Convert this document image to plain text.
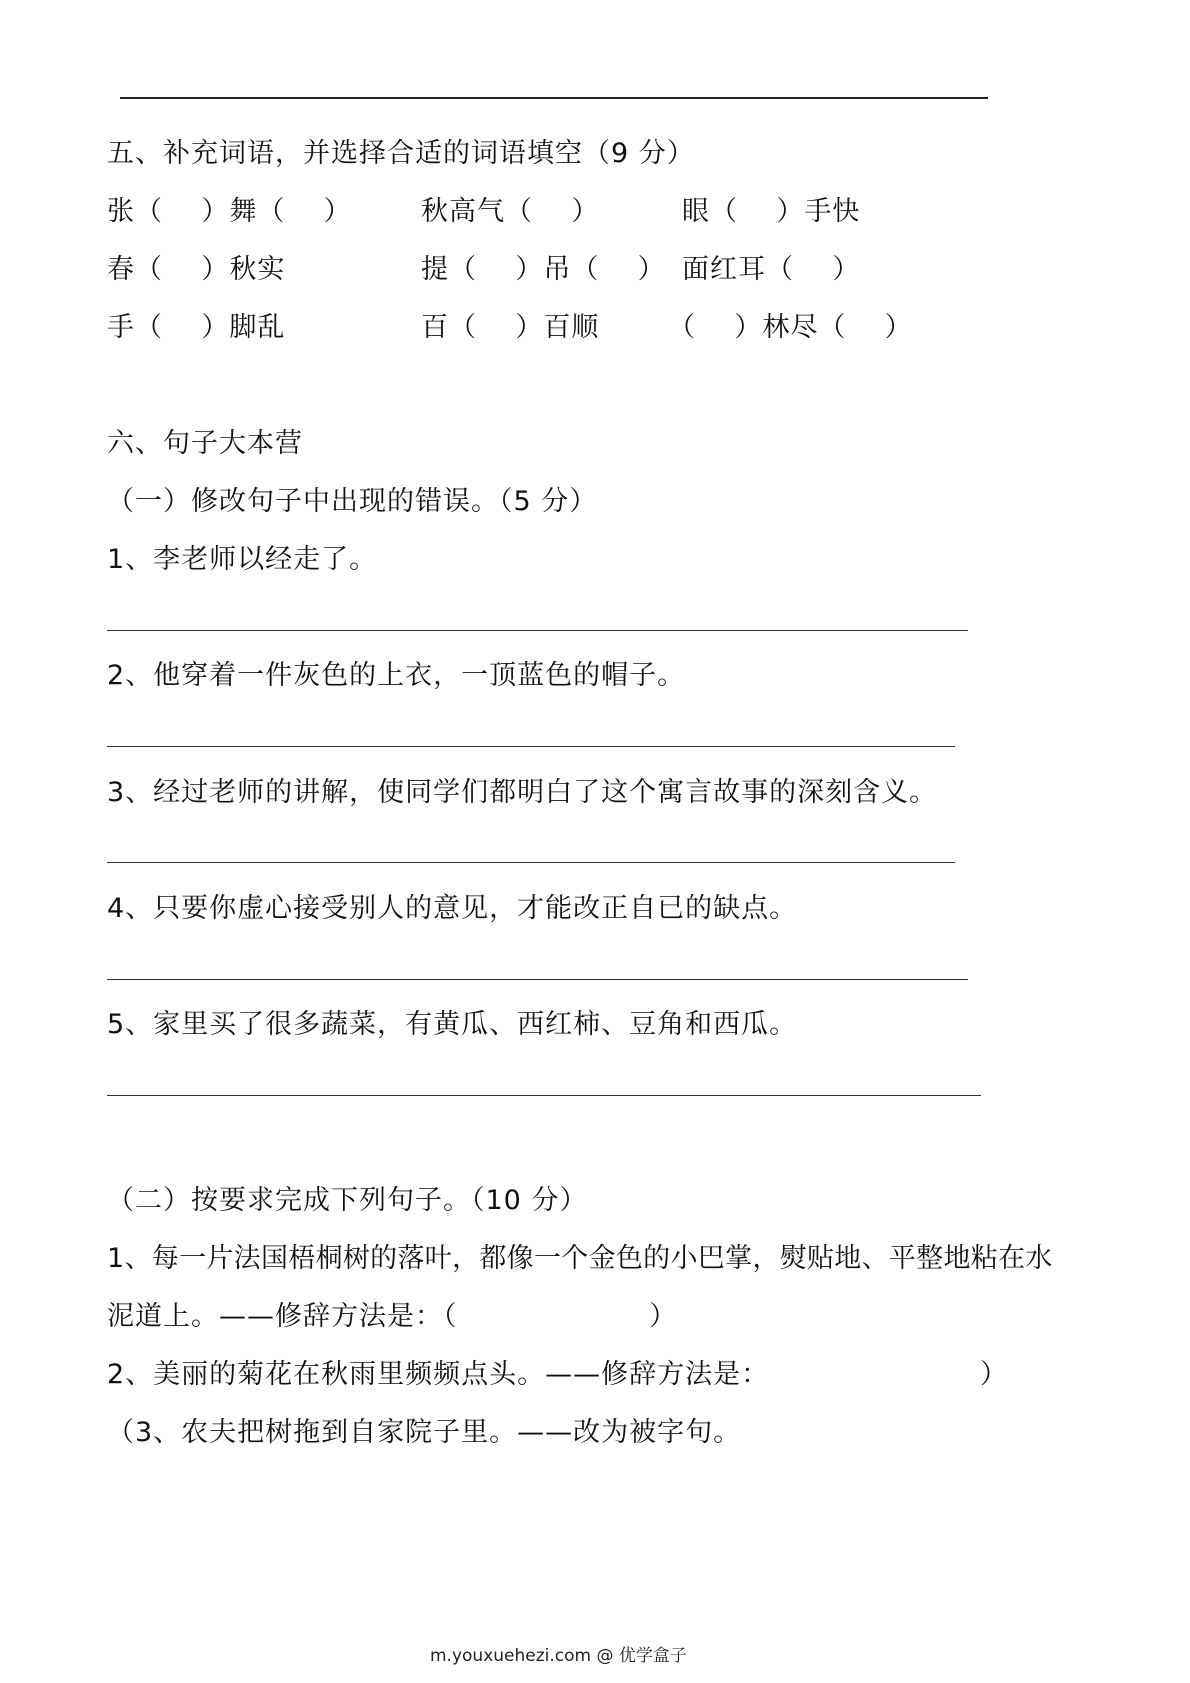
五、补充词语，并选择合适的词语填空（9 分）
张（    ）舞（    ）	秋高气（    ）	眼（    ）手快
春（    ）秋实	提（    ）吊（    ） 面红耳（    ）
手（    ）脚乱	百（    ）百顺	（    ）林尽（    ）
六、句子大本营
（一）修改句子中出现的错误。（5 分）
1、李老师以经走了。
2、他穿着一件灰色的上衣，一顶蓝色的帽子。
3、经过老师的讲解，使同学们都明白了这个寓言故事的深刻含义。
4、只要你虚心接受别人的意见，才能改正自已的缺点。
5、家里买了很多蔬菜，有黄瓜、西红柿、豆角和西瓜。
（二）按要求完成下列句子。（10 分）
1、每一片法国梧桐树的落叶，都像一个金色的小巴掌，熨贴地、平整地粘在水
泥道上。——修辞方法是：（                    ）
2、美丽的菊花在秋雨里频频点头。——修辞方法是：                      ）
（3、农夫把树拖到自家院子里。——改为被字句。
m.youxuehezi.com @ 优学盒子
